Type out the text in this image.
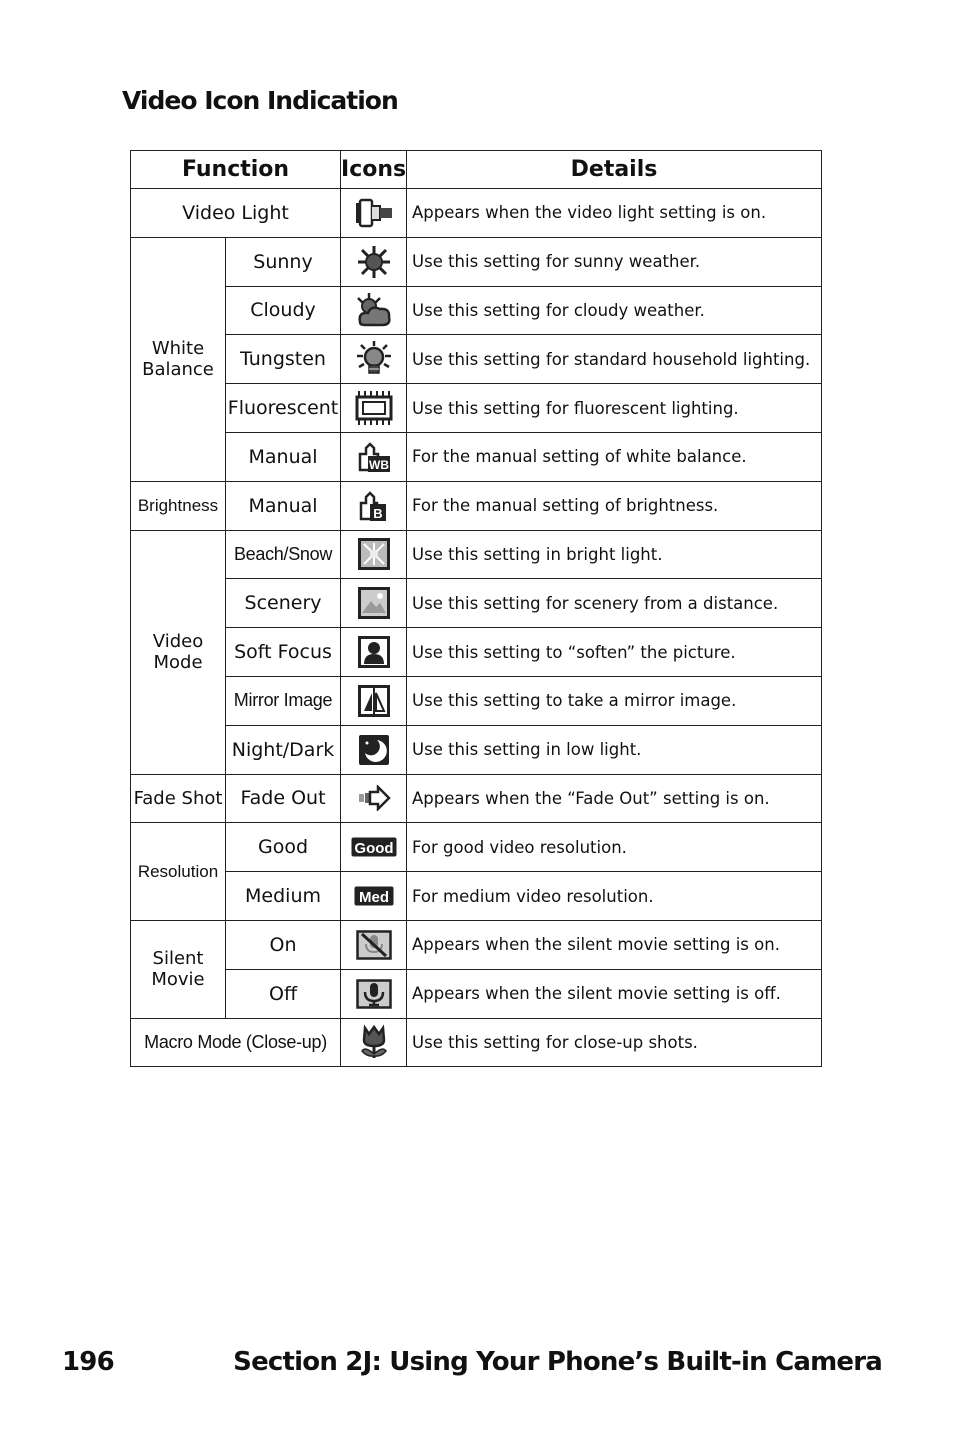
Video Icon Indication
Function		Icons	Details
Video Light			Appears when the video light setting is on.
White Balance	Sunny		Use this setting for sunny weather.
	Cloudy		Use this setting for cloudy weather.
	Tungsten		Use this setting for standard household lighting.
	Fluorescent		Use this setting for fluorescent lighting.
	Manual	WB	For the manual setting of white balance.
Brightness	Manual	B	For the manual setting of brightness.
Video Mode	Beach/Snow		Use this setting in bright light.
	Scenery		Use this setting for scenery from a distance.
	Soft Focus		Use this setting to “soften” the picture.
	Mirror Image		Use this setting to take a mirror image.
	Night/Dark		Use this setting in low light.
Fade Shot	Fade Out		Appears when the “Fade Out” setting is on.
Resolution	Good	Good	For good video resolution.
	Medium	Med	For medium video resolution.
Silent Movie	On		Appears when the silent movie setting is on.
	Off		Appears when the silent movie setting is off.
Macro Mode (Close-up)			Use this setting for close-up shots.
196	Section 2J: Using Your Phone’s Built-in Camera
